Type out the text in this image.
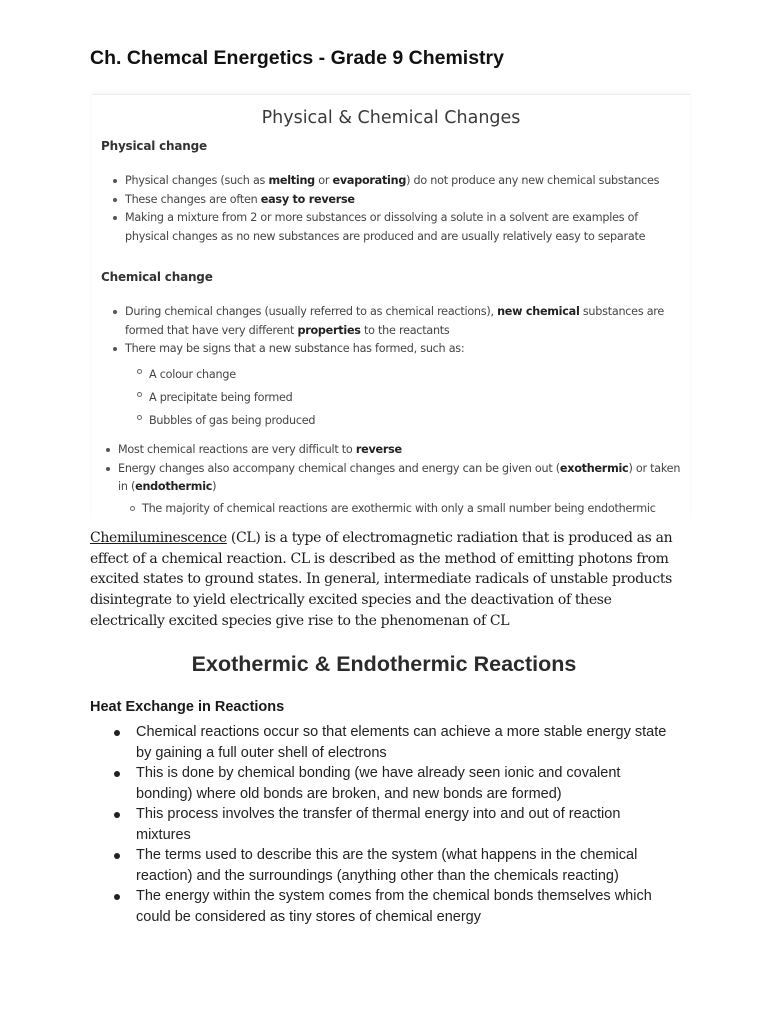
Ch. Chemcal Energetics - Grade 9 Chemistry
Physical & Chemical Changes
Physical change
Physical changes (such as melting or evaporating) do not produce any new chemical substances
These changes are often easy to reverse
Making a mixture from 2 or more substances or dissolving a solute in a solvent are examples of physical changes as no new substances are produced and are usually relatively easy to separate
Chemical change
During chemical changes (usually referred to as chemical reactions), new chemical substances are formed that have very different properties to the reactants
There may be signs that a new substance has formed, such as:
A colour change
A precipitate being formed
Bubbles of gas being produced
Most chemical reactions are very difficult to reverse
Energy changes also accompany chemical changes and energy can be given out (exothermic) or taken in (endothermic)
The majority of chemical reactions are exothermic with only a small number being endothermic

Chemiluminescence (CL) is a type of electromagnetic radiation that is produced as an effect of a chemical reaction. CL is described as the method of emitting photons from excited states to ground states. In general, intermediate radicals of unstable products disintegrate to yield electrically excited species and the deactivation of these electrically excited species give rise to the phenomenan of CL

Exothermic & Endothermic Reactions
Heat Exchange in Reactions
Chemical reactions occur so that elements can achieve a more stable energy state by gaining a full outer shell of electrons
This is done by chemical bonding (we have already seen ionic and covalent bonding) where old bonds are broken, and new bonds are formed)
This process involves the transfer of thermal energy into and out of reaction mixtures
The terms used to describe this are the system (what happens in the chemical reaction) and the surroundings (anything other than the chemicals reacting)
The energy within the system comes from the chemical bonds themselves which could be considered as tiny stores of chemical energy
